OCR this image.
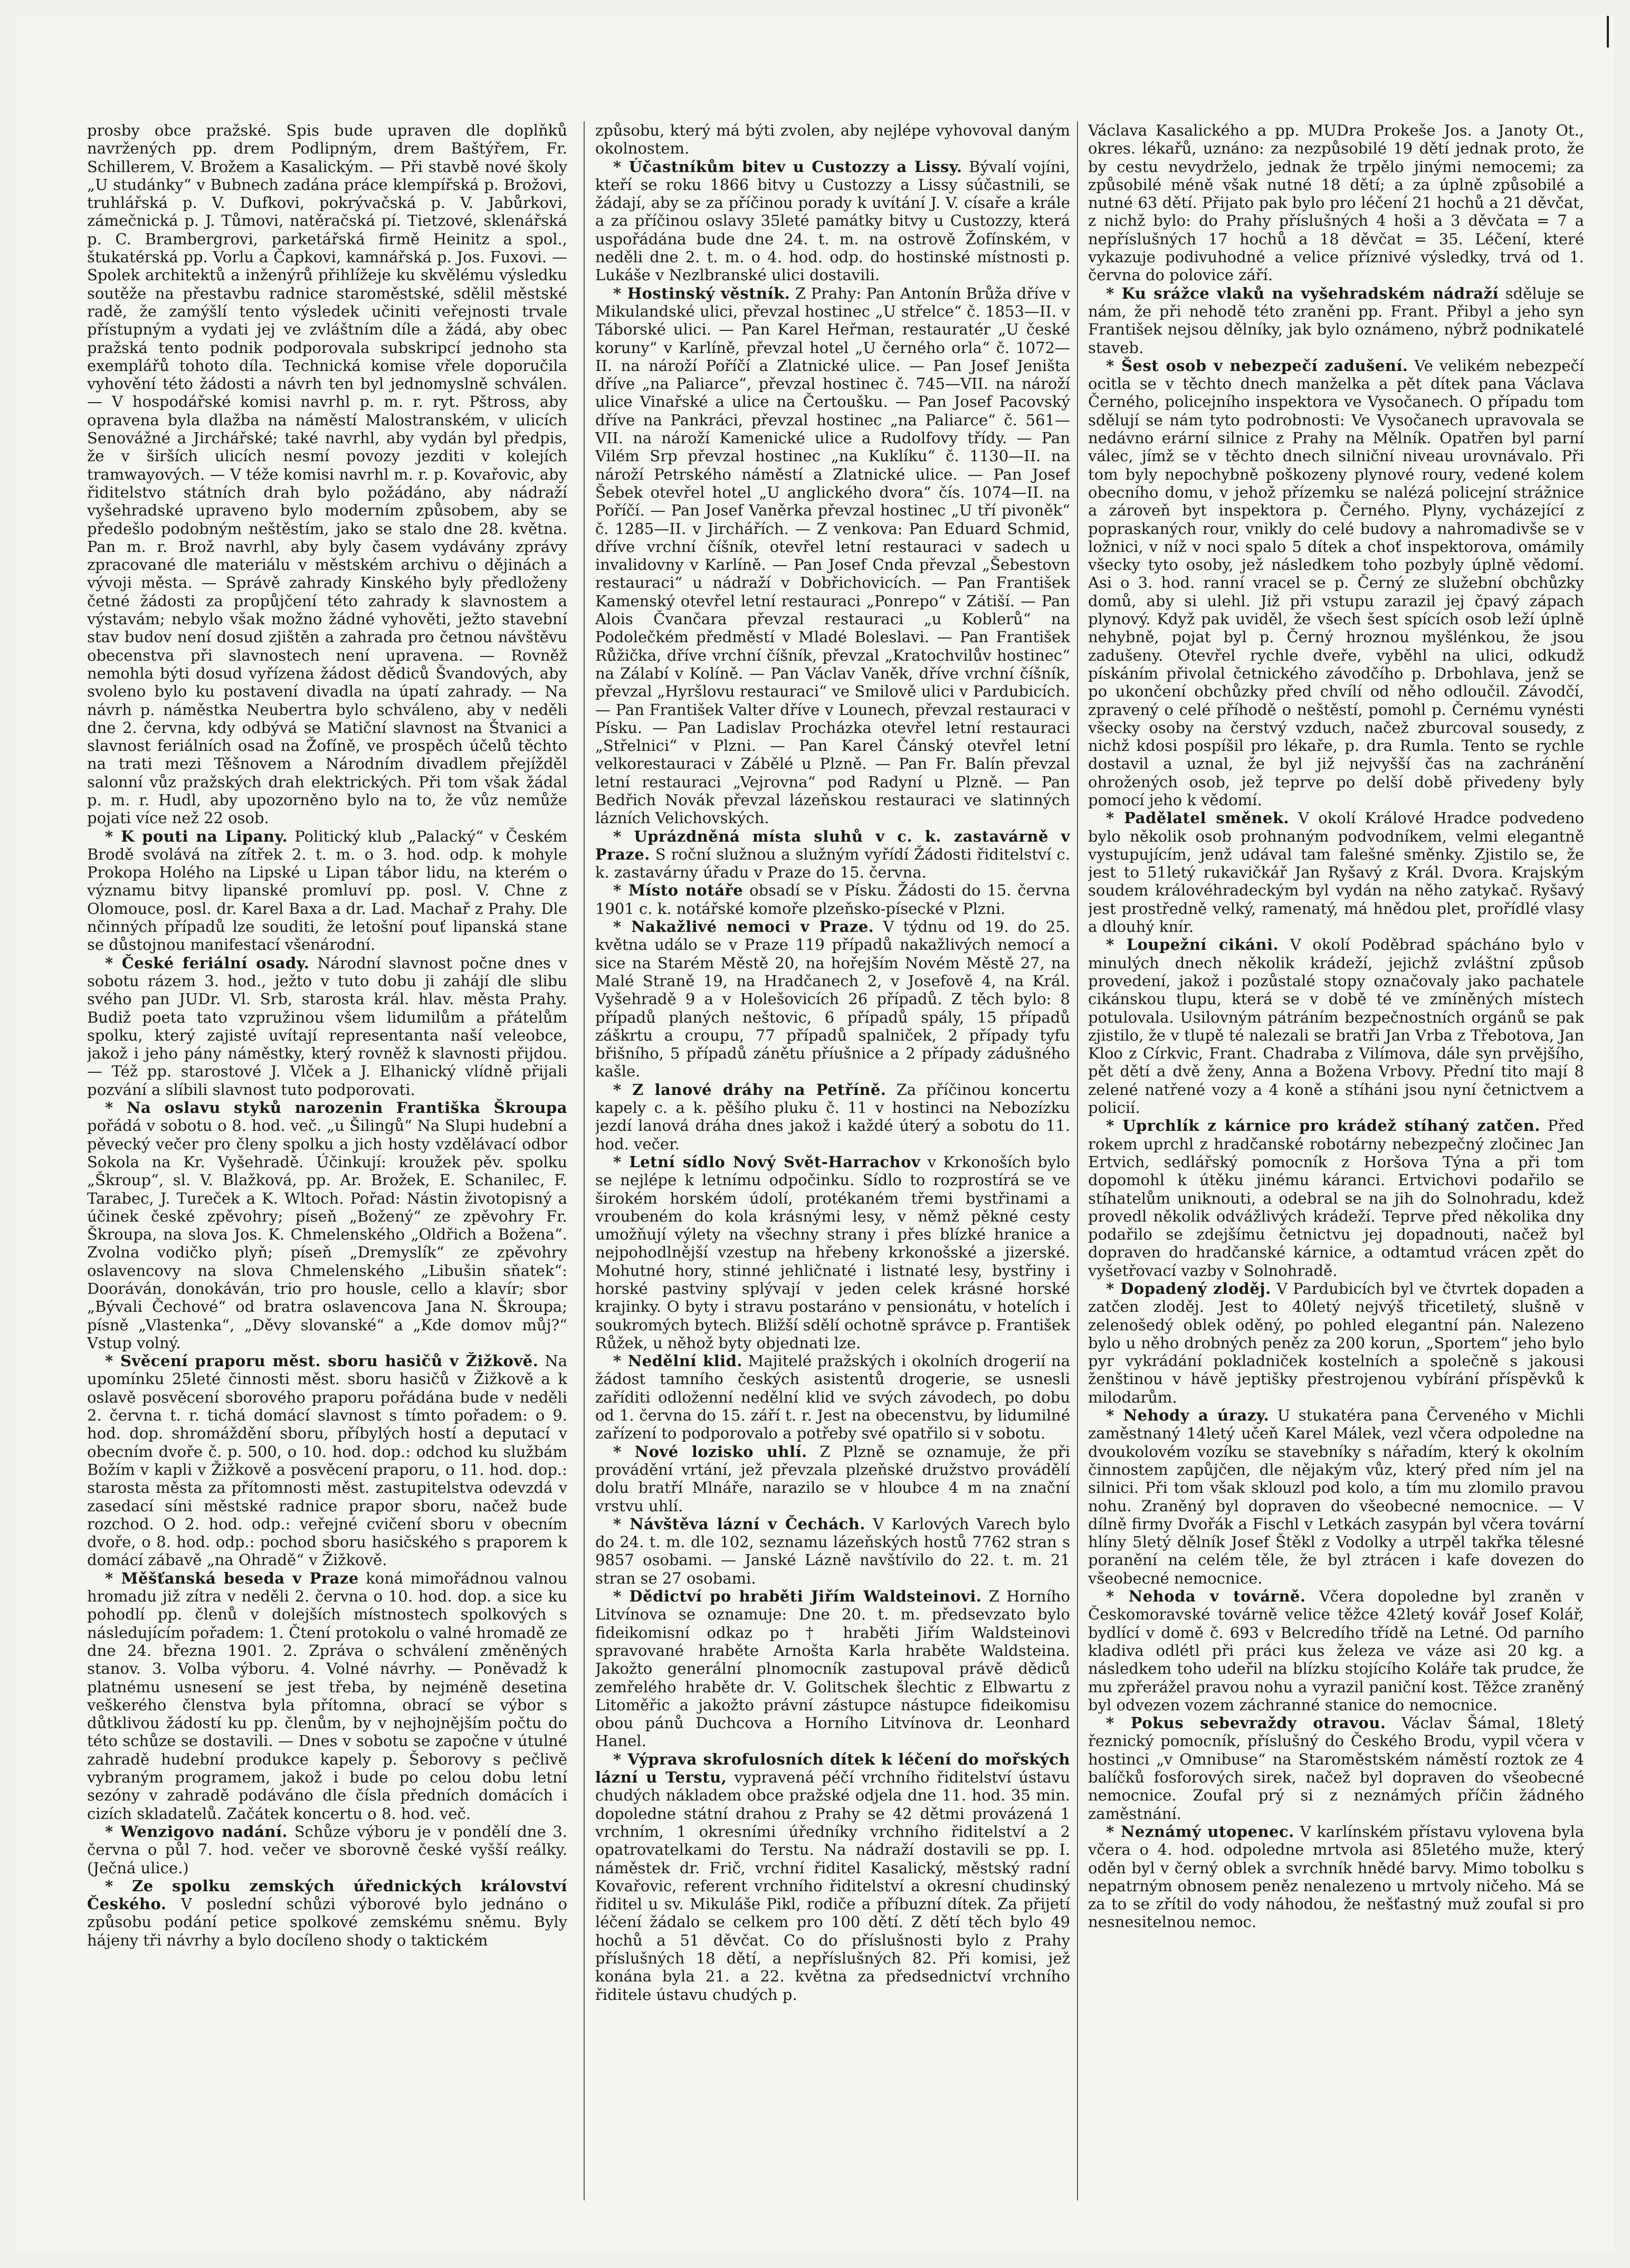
prosby obce pražské. Spis bude upraven dle doplňků navržených pp. drem Podlipným, drem Baštýřem, Fr. Schillerem, V. Brožem a Kasalickým. — Při stavbě nové školy „U studánky“ v Bubnech zadána práce klempířská p. Brožovi, truhlářská p. V. Dufkovi, pokrývačská p. V. Jabůrkovi, zámečnická p. J. Tůmovi, natěračská pí. Tietzové, sklenářská p. C. Brambergrovi, parketářská firmě Heinitz a spol., štukatérská pp. Vorlu a Čapkovi, kamnářská p. Jos. Fuxovi. — Spolek architektů a inženýrů přihlížeje ku skvělému výsledku soutěže na přestavbu radnice staroměstské, sdělil městské radě, že zamýšlí tento výsledek učiniti veřejnosti trvale přístupným a vydati jej ve zvláštním díle a žádá, aby obec pražská tento podnik podporovala subskripcí jednoho sta exemplářů tohoto díla. Technická komise vřele doporučila vyhovění této žádosti a návrh ten byl jednomyslně schválen. — V hospodářské komisi navrhl p. m. r. ryt. Pštross, aby opravena byla dlažba na náměstí Malostranském, v ulicích Senovážné a Jirchářské; také navrhl, aby vydán byl předpis, že v širších ulicích nesmí povozy jezditi v kolejích tramwayových. — V téže komisi navrhl m. r. p. Kovařovic, aby řiditelstvo státních drah bylo požádáno, aby nádraží vyšehradské upraveno bylo moderním způsobem, aby se předešlo podobným neštěstím, jako se stalo dne 28. května. Pan m. r. Brož navrhl, aby byly časem vydávány zprávy zpracované dle materiálu v městském archivu o dějinách a vývoji města. — Správě zahrady Kinského byly předloženy četné žádosti za propůjčení této zahrady k slavnostem a výstavám; nebylo však možno žádné vyhověti, ježto stavební stav budov není dosud zjištěn a zahrada pro četnou návštěvu obecenstva při slavnostech není upravena. — Rovněž nemohla býti dosud vyřízena žádost dědiců Švandových, aby svoleno bylo ku postavení divadla na úpatí zahrady. — Na návrh p. náměstka Neubertra bylo schváleno, aby v neděli dne 2. června, kdy odbývá se Matiční slavnost na Štvanici a slavnost feriálních osad na Žofíně, ve prospěch účelů těchto na trati mezi Těšnovem a Národním divadlem přejížděl salonní vůz pražských drah elektrických. Při tom však žádal p. m. r. Hudl, aby upozorněno bylo na to, že vůz nemůže pojati více než 22 osob.

* K pouti na Lipany. Politický klub „Palacký“ v Českém Brodě svolává na zítřek 2. t. m. o 3. hod. odp. k mohyle Prokopa Holého na Lipské u Lipan tábor lidu, na kterém o významu bitvy lipanské promluví pp. posl. V. Chne z Olomouce, posl. dr. Karel Baxa a dr. Lad. Machař z Prahy. Dle nčinných případů lze souditi, že letošní pouť lipanská stane se důstojnou manifestací všenárodní.

* České feriální osady. Národní slavnost počne dnes v sobotu rázem 3. hod., ježto v tuto dobu ji zahájí dle slibu svého pan JUDr. Vl. Srb, starosta král. hlav. města Prahy. Budiž poeta tato vzpružinou všem lidumilům a přátelům spolku, který zajisté uvítají representanta naší veleobce, jakož i jeho pány náměstky, který rovněž k slavnosti přijdou. — Též pp. starostové J. Vlček a J. Elhanický vlídně přijali pozvání a slíbili slavnost tuto podporovati.

* Na oslavu styků narozenin Františka Škroupapořádá v sobotu o 8. hod. več. „u Šilingů“ Na Slupi hudební a pěvecký večer pro členy spolku a jich hosty vzdělávací odbor Sokola na Kr. Vyšehradě. Účinkují: kroužek pěv. spolku „Škroup“, sl. V. Blažková, pp. Ar. Brožek, E. Schanilec, F. Tarabec, J. Tureček a K. Wltoch. Pořad: Nástin životopisný a účinek české zpěvohry; píseň „Božený“ ze zpěvohry Fr. Škroupa, na slova Jos. K. Chmelenského „Oldřich a Božena“. Zvolna vodičko plyň; píseň „Dremyslík“ ze zpěvohry oslavencovy na slova Chmelenského „Libušin sňatek“: Dooráván, donokáván, trio pro housle, cello a klavír; sbor „Bývali Čechové“ od bratra oslavencova Jana N. Škroupa; písně „Vlastenka“, „Děvy slovanské“ a „Kde domov můj?“ Vstup volný.

* Svěcení praporu měst. sboru hasičů v Žižkově. Na upomínku 25leté činnosti měst. sboru hasičů v Žižkově a k oslavě posvěcení sborového praporu pořádána bude v neděli 2. června t. r. tichá domácí slavnost s tímto pořadem: o 9. hod. dop. shromáždění sboru, příbylých hostí a deputací v obecním dvoře č. p. 500, o 10. hod. dop.: odchod ku službám Božím v kapli v Žižkově a posvěcení praporu, o 11. hod. dop.: starosta města za přítomnosti měst. zastupitelstva odevzdá v zasedací síni městské radnice prapor sboru, načež bude rozchod. O 2. hod. odp.: veřejné cvičení sboru v obecním dvoře, o 8. hod. odp.: pochod sboru hasičského s praporem k domácí zábavě „na Ohradě“ v Žižkově.

* Měšťanská beseda v Praze koná mimořádnou valnou hromadu již zítra v neděli 2. června o 10. hod. dop. a sice ku pohodlí pp. členů v dolejších místnostech spolkových s následujícím pořadem: 1. Čtení protokolu o valné hromadě ze dne 24. března 1901. 2. Zpráva o schválení změněných stanov. 3. Volba výboru. 4. Volné návrhy. — Poněvadž k platnému usnesení se jest třeba, by nejméně desetina veškerého členstva byla přítomna, obrací se výbor s důtklivou žádostí ku pp. členům, by v nejhojnějším počtu do této schůze se dostavili. — Dnes v sobotu se započne v útulné zahradě hudební produkce kapely p. Šeborovy s pečlivě vybraným programem, jakož i bude po celou dobu letní sezóny v zahradě podáváno dle čísla předních domácích i cizích skladatelů. Začátek koncertu o 8. hod. več.

* Wenzigovo nadání. Schůze výboru je v pondělí dne 3. června o půl 7. hod. večer ve sborovně české vyšší reálky. (Ječná ulice.)

* Ze spolku zemských úřednických království Českého. V poslední schůzi výborové bylo jednáno o způsobu podání petice spolkové zemskému sněmu. Byly hájeny tři návrhy a bylo docíleno shody o taktickém

způsobu, který má býti zvolen, aby nejlépe vyhovoval daným okolnostem.

* Účastníkům bitev u Custozzy a Lissy. Bývalí vojíni, kteří se roku 1866 bitvy u Custozzy a Lissy súčastnili, se žádají, aby se za příčinou porady k uvítání J. V. císaře a krále a za příčinou oslavy 35leté památky bitvy u Custozzy, která uspořádána bude dne 24. t. m. na ostrově Žofínském, v neděli dne 2. t. m. o 4. hod. odp. do hostinské místnosti p. Lukáše v Nezlbranské ulici dostavili.

* Hostinský věstník. Z Prahy: Pan Antonín Brůža dříve v Mikulandské ulici, převzal hostinec „U střelce“ č. 1853—II. v Táborské ulici. — Pan Karel Heřman, restauratér „U české koruny“ v Karlíně, převzal hotel „U černého orla“ č. 1072—II. na nároží Poříčí a Zlatnické ulice. — Pan Josef Jeništa dříve „na Paliarce“, převzal hostinec č. 745—VII. na nároží ulice Vinařské a ulice na Čertoušku. — Pan Josef Pacovský dříve na Pankráci, převzal hostinec „na Paliarce“ č. 561—VII. na nároží Kamenické ulice a Rudolfovy třídy. — Pan Vilém Srp převzal hostinec „na Kuklíku“ č. 1130—II. na nároží Petrského náměstí a Zlatnické ulice. — Pan Josef Šebek otevřel hotel „U anglického dvora“ čís. 1074—II. na Poříčí. — Pan Josef Vaněrka převzal hostinec „U tří pivoněk“ č. 1285—II. v Jirchářích. — Z venkova: Pan Eduard Schmid, dříve vrchní číšník, otevřel letní restauraci v sadech u invalidovny v Karlíně. — Pan Josef Cnda převzal „Šebestovn restauraci“ u nádraží v Dobřichovicích. — Pan František Kamenský otevřel letní restauraci „Ponrepo“ v Zátiší. — Pan Alois Čvančara převzal restauraci „u Koblerů“ na Podolečkém předměstí v Mladé Boleslavi. — Pan František Růžička, dříve vrchní číšník, převzal „Kratochvilův hostinec“ na Zálabí v Kolíně. — Pan Václav Vaněk, dříve vrchní číšník, převzal „Hyršlovu restauraci“ ve Smilově ulici v Pardubicích. — Pan František Valter dříve v Lounech, převzal restauraci v Písku. — Pan Ladislav Procházka otevřel letní restauraci „Střelnici“ v Plzni. — Pan Karel Čánský otevřel letní velkorestauraci v Zábělé u Plzně. — Pan Fr. Balín převzal letní restauraci „Vejrovna“ pod Radyní u Plzně. — Pan Bedřich Novák převzal lázeňskou restauraci ve slatinných lázních Velichovských.

* Uprázdněná místa sluhů v c. k. zastavárně v Praze. S roční služnou a služným vyřídí Žádosti řiditelství c. k. zastavárny úřadu v Praze do 15. června.

* Místo notáře obsadí se v Písku. Žádosti do 15. června 1901 c. k. notářské komoře plzeňsko-písecké v Plzni.

* Nakažlivé nemoci v Praze. V týdnu od 19. do 25. května událo se v Praze 119 případů nakažlivých nemocí a sice na Starém Městě 20, na hořejším Novém Městě 27, na Malé Straně 19, na Hradčanech 2, v Josefově 4, na Král. Vyšehradě 9 a v Holešovicích 26 případů. Z těch bylo: 8 případů planých neštovic, 6 případů spály, 15 případů záškrtu a croupu, 77 případů spalniček, 2 případy tyfu břišního, 5 případů zánětu příušnice a 2 případy zádušného kašle.

* Z lanové dráhy na Petříně. Za příčinou koncertu kapely c. a k. pěšího pluku č. 11 v hostinci na Nebozízku jezdí lanová dráha dnes jakož i každé úterý a sobotu do 11. hod. večer.

* Letní sídlo Nový Svět-Harrachov v Krkonoších bylo se nejlépe k letnímu odpočinku. Sídlo to rozprostírá se ve širokém horském údolí, protékaném třemi bystřinami a vroubeném do kola krásnými lesy, v němž pěkné cesty umožňují výlety na všechny strany i přes blízké hranice a nejpohodlnější vzestup na hřebeny krkonošské a jizerské. Mohutné hory, stinné jehličnaté i listnaté lesy, bystřiny i horské pastviny splývají v jeden celek krásné horské krajinky. O byty i stravu postaráno v pensionátu, v hotelích i soukromých bytech. Bližší sdělí ochotně správce p. František Růžek, u něhož byty objednati lze.

* Nedělní klid. Majitelé pražských i okolních drogerií na žádost tamního českých asistentů drogerie, se usnesli zaříditi odloženní nedělní klid ve svých závodech, po dobu od 1. června do 15. září t. r. Jest na obecenstvu, by lidumilné zařízení to podporovalo a potřeby své opatřilo si v sobotu.

* Nové lozisko uhlí. Z Plzně se oznamuje, že při provádění vrtání, jež převzala plzeňské družstvo provádělí dolu bratří Mlnáře, narazilo se v hloubce 4 m na znační vrstvu uhlí.

* Návštěva lázní v Čechách. V Karlových Varech bylo do 24. t. m. dle 102, seznamu lázeňských hostů 7762 stran s 9857 osobami. — Janské Lázně navštívilo do 22. t. m. 21 stran se 27 osobami.

* Dědictví po hraběti Jiřím Waldsteinovi. Z Horního Litvínova se oznamuje: Dne 20. t. m. předsevzato bylo fideikomisní odkaz po † hraběti Jiřím Waldsteinovi spravované hraběte Arnošta Karla hraběte Waldsteina. Jakožto generální plnomocník zastupoval právě dědiců zemřelého hraběte dr. V. Golitschek šlechtic z Elbwartu z Litoměřic a jakožto právní zástupce nástupce fideikomisu obou pánů Duchcova a Horního Litvínova dr. Leonhard Hanel.

* Výprava skrofulosních dítek k léčení do mořských lázní u Terstu, vypravená péčí vrchního řiditelství ústavu chudých nákladem obce pražské odjela dne 11. hod. 35 min. dopoledne státní drahou z Prahy se 42 dětmi provázená 1 vrchním, 1 okresními úředníky vrchního řiditelství a 2 opatrovatelkami do Terstu. Na nádraží dostavili se pp. I. náměstek dr. Frič, vrchní řiditel Kasalický, městský radní Kovařovic, referent vrchního řiditelství a okresní chudinský řiditel u sv. Mikuláše Pikl, rodiče a příbuzní dítek. Za přijetí léčení žádalo se celkem pro 100 dětí. Z dětí těch bylo 49 hochů a 51 děvčat. Co do příslušnosti bylo z Prahy příslušných 18 dětí, a nepříslušných 82. Při komisi, jež konána byla 21. a 22. května za předsednictví vrchního řiditele ústavu chudých p.

Václava Kasalického a pp. MUDra Prokeše Jos. a Janoty Ot., okres. lékařů, uznáno: za nezpůsobilé 19 dětí jednak proto, že by cestu nevydrželo, jednak že trpělo jinými nemocemi; za způsobilé méně však nutné 18 dětí; a za úplně způsobilé a nutné 63 dětí. Přijato pak bylo pro léčení 21 hochů a 21 děvčat, z nichž bylo: do Prahy příslušných 4 hoši a 3 děvčata = 7 a nepříslušných 17 hochů a 18 děvčat = 35. Léčení, které vykazuje podivuhodné a velice příznivé výsledky, trvá od 1. června do polovice září.

* Ku srážce vlaků na vyšehradském nádraží sděluje se nám, že při nehodě této zraněni pp. Frant. Přibyl a jeho syn František nejsou dělníky, jak bylo oznámeno, nýbrž podnikatelé staveb.

* Šest osob v nebezpečí zadušení. Ve velikém nebezpečí ocitla se v těchto dnech manželka a pět dítek pana Václava Černého, policejního inspektora ve Vysočanech. O případu tom sdělují se nám tyto podrobnosti: Ve Vysočanech upravovala se nedávno erární silnice z Prahy na Mělník. Opatřen byl parní válec, jímž se v těchto dnech silniční niveau urovnávalo. Při tom byly nepochybně poškozeny plynové roury, vedené kolem obecního domu, v jehož přízemku se nalézá policejní strážnice a zároveň byt inspektora p. Černého. Plyny, vycházející z popraskaných rour, vnikly do celé budovy a nahromadivše se v ložnici, v níž v noci spalo 5 dítek a choť inspektorova, omámily všecky tyto osoby, jež následkem toho pozbyly úplně vědomí. Asi o 3. hod. ranní vracel se p. Černý ze služební obchůzky domů, aby si ulehl. Již při vstupu zarazil jej čpavý zápach plynový. Když pak uviděl, že všech šest spících osob leží úplně nehybně, pojat byl p. Černý hroznou myšlénkou, že jsou zadušeny. Otevřel rychle dveře, vyběhl na ulici, odkudž pískáním přivolal četnického závodčího p. Drbohlava, jenž se po ukončení obchůzky před chvílí od něho odloučil. Závodčí, zpravený o celé příhodě o neštěstí, pomohl p. Černému vynésti všecky osoby na čerstvý vzduch, načež zburcoval sousedy, z nichž kdosi pospíšil pro lékaře, p. dra Rumla. Tento se rychle dostavil a uznal, že byl již nejvyšší čas na zachránění ohrožených osob, jež teprve po delší době přivedeny byly pomocí jeho k vědomí.

* Padělatel směnek. V okolí Králové Hradce podvedeno bylo několik osob prohnaným podvodníkem, velmi elegantně vystupujícím, jenž udával tam falešné směnky. Zjistilo se, že jest to 51letý rukavičkář Jan Ryšavý z Král. Dvora. Krajským soudem královéhradeckým byl vydán na něho zatykač. Ryšavý jest prostředně velký, ramenatý, má hnědou plet, prořídlé vlasy a dlouhý knír.

* Loupežní cikáni. V okolí Poděbrad spácháno bylo v minulých dnech několik krádeží, jejichž zvláštní způsob provedení, jakož i pozůstalé stopy označovaly jako pachatele cikánskou tlupu, která se v době té ve zmíněných místech potulovala. Usilovným pátráním bezpečnostních orgánů se pak zjistilo, že v tlupě té nalezali se bratři Jan Vrba z Třebotova, Jan Kloo z Církvic, Frant. Chadraba z Vilímova, dále syn prvějšího, pět dětí a dvě ženy, Anna a Božena Vrbovy. Přední tito mají 8 zelené natřené vozy a 4 koně a stíháni jsou nyní četnictvem a policií.

* Uprchlík z kárnice pro krádež stíhaný zatčen. Před rokem uprchl z hradčanské robotárny nebezpečný zločinec Jan Ertvich, sedlářský pomocník z Horšova Týna a při tom dopomohl k útěku jinému káranci. Ertvichovi podařilo se stíhatelům uniknouti, a odebral se na jih do Solnohradu, kdež provedl několik odvážlivých krádeží. Teprve před několika dny podařilo se zdejšímu četnictvu jej dopadnouti, načež byl dopraven do hradčanské kárnice, a odtamtud vrácen zpět do vyšetřovací vazby v Solnohradě.

* Dopadený zloděj. V Pardubicích byl ve čtvrtek dopaden a zatčen zloděj. Jest to 40letý nejvýš třicetiletý, slušně v zelenošedý oblek oděný, po pohled elegantní pán. Nalezeno bylo u něho drobných peněz za 200 korun, „Sportem“ jeho bylo pyr vykrádání pokladniček kostelních a společně s jakousi ženštinou v hávě jeptišky přestrojenou vybírání příspěvků k milodarům.

* Nehody a úrazy. U stukatéra pana Červeného v Michli zaměstnaný 14letý učeň Karel Málek, vezl včera odpoledne na dvoukolovém vozíku se stavebníky s nářadím, který k okolním činnostem zapůjčen, dle nějakým vůz, který před ním jel na silnici. Při tom však sklouzl pod kolo, a tím mu zlomilo pravou nohu. Zraněný byl dopraven do všeobecné nemocnice. — V dílně firmy Dvořák a Fischl v Letkách zasypán byl včera tovární hlíny 5letý dělník Josef Štěkl z Vodolky a utrpěl takřka tělesné poranění na celém těle, že byl ztrácen i kafe dovezen do všeobecné nemocnice.

* Nehoda v továrně. Včera dopoledne byl zraněn v Českomoravské továrně velice těžce 42letý kovář Josef Kolář, bydlící v domě č. 693 v Belcredího třídě na Letné. Od parního kladiva odlétl při práci kus železa ve váze asi 20 kg. a následkem toho udeřil na blízku stojícího Koláře tak prudce, že mu zpřerážel pravou nohu a vyrazil paniční kost. Těžce zraněný byl odvezen vozem záchranné stanice do nemocnice.

* Pokus sebevraždy otravou. Václav Šámal, 18letý řeznický pomocník, příslušný do Českého Brodu, vypil včera v hostinci „v Omnibuse“ na Staroměstském náměstí roztok ze 4 balíčků fosforových sirek, načež byl dopraven do všeobecné nemocnice. Zoufal prý si z neznámých příčin žádného zaměstnání.

* Neznámý utopenec. V karlínském přístavu vylovena byla včera o 4. hod. odpoledne mrtvola asi 85letého muže, který oděn byl v černý oblek a svrchník hnědé barvy. Mimo tobolku s nepatrným obnosem peněz nenalezeno u mrtvoly ničeho. Má se za to se zřítil do vody náhodou, že nešťastný muž zoufal si pro nesnesitelnou nemoc.
